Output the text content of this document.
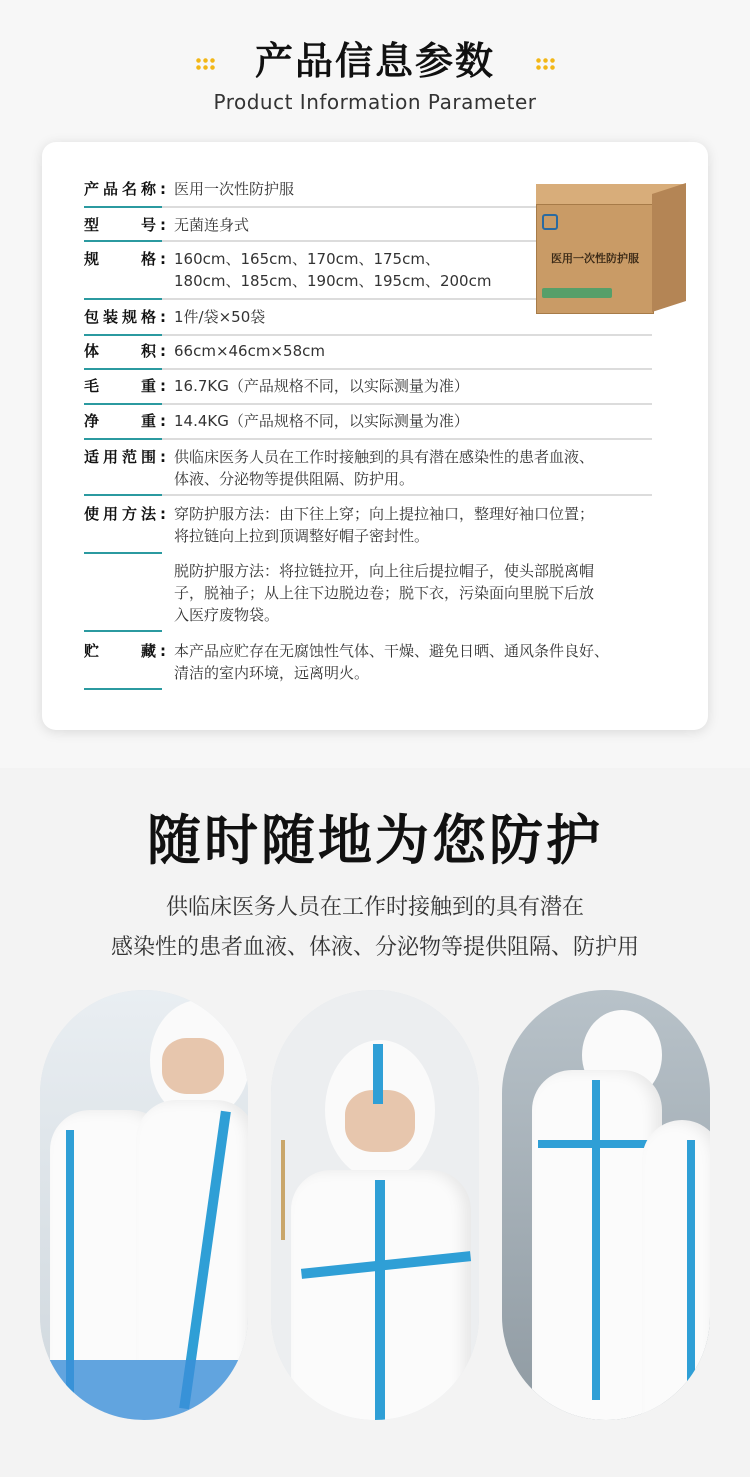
产品信息参数
Product Information Parameter
产品名称: 医用一次性防护服
型　　号: 无菌连身式
规　　格: 160cm、165cm、170cm、175cm、
180cm、185cm、190cm、195cm、200cm
包装规格: 1件/袋×50袋
体　　积: 66cm×46cm×58cm
毛　　重: 16.7KG（产品规格不同，以实际测量为准）
净　　重: 14.4KG（产品规格不同，以实际测量为准）
适用范围: 供临床医务人员在工作时接触到的具有潜在感染性的患者血液、
体液、分泌物等提供阻隔、防护用。
使用方法: 穿防护服方法：由下往上穿；向上提拉袖口，整理好袖口位置；
将拉链向上拉到顶调整好帽子密封性。
脱防护服方法：将拉链拉开，向上往后提拉帽子，使头部脱离帽
子，脱袖子；从上往下边脱边卷；脱下衣，污染面向里脱下后放
入医疗废物袋。
贮　　藏: 本产品应贮存在无腐蚀性气体、干燥、避免日晒、通风条件良好、
清洁的室内环境，远离明火。
医用一次性防护服
随时随地为您防护
供临床医务人员在工作时接触到的具有潜在
感染性的患者血液、体液、分泌物等提供阻隔、防护用
